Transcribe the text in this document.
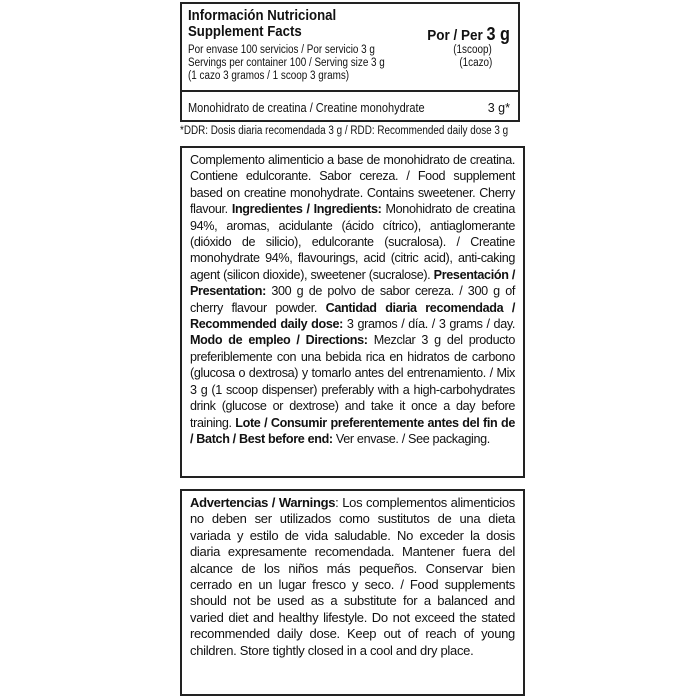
Información Nutricional
Supplement Facts	Por / Per 3 g
Por envase 100 servicios / Por servicio 3 g	(1scoop)
Servings per container 100 / Serving size 3 g	(1cazo)
(1 cazo 3 gramos / 1 scoop 3 grams)
Monohidrato de creatina / Creatine monohydrate	3 g*
*DDR: Dosis diaria recomendada 3 g / RDD: Recommended daily dose 3 g

Complemento alimenticio a base de monohidrato de creatina. Contiene edulcorante. Sabor cereza. / Food supplement based on creatine monohydrate. Contains sweetener. Cherry flavour. Ingredientes / Ingredients: Monohidrato de creatina 94%, aromas, acidulante (ácido cítrico), antiaglomerante (dióxido de silicio), edulcorante (sucralosa). / Creatine monohydrate 94%, flavourings, acid (citric acid), anti-caking agent (silicon dioxide), sweetener (sucralose). Presentación / Presentation: 300 g de polvo de sabor cereza. / 300 g of cherry flavour powder. Cantidad diaria recomendada / Recommended daily dose: 3 gramos / día. / 3 grams / day. Modo de empleo / Directions: Mezclar 3 g del producto preferiblemente con una bebida rica en hidratos de carbono (glucosa o dextrosa) y tomarlo antes del entrenamiento. / Mix 3 g (1 scoop dispenser) preferably with a high-carbohydrates drink (glucose or dextrose) and take it once a day before training. Lote / Consumir preferentemente antes del fin de / Batch / Best before end: Ver envase. / See packaging.

Advertencias / Warnings: Los complementos alimenticios no deben ser utilizados como sustitutos de una dieta variada y estilo de vida saludable. No exceder la dosis diaria expresamente recomendada. Mantener fuera del alcance de los niños más pequeños. Conservar bien cerrado en un lugar fresco y seco. / Food supplements should not be used as a substitute for a balanced and varied diet and healthy lifestyle. Do not exceed the stated recommended daily dose. Keep out of reach of young children. Store tightly closed in a cool and dry place.
